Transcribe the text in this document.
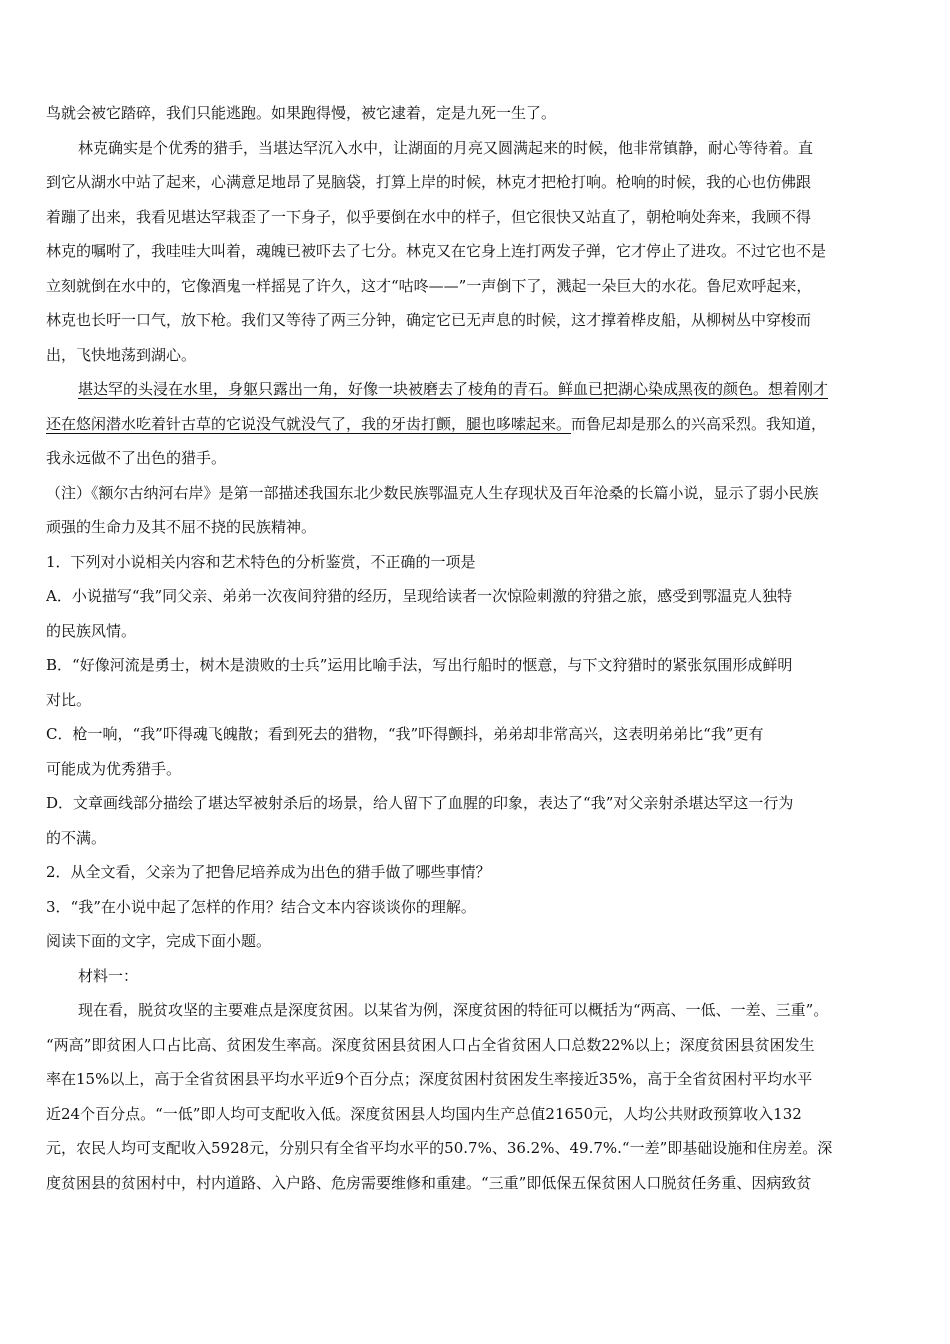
鸟就会被它踏碎，我们只能逃跑。如果跑得慢，被它逮着，定是九死一生了。
林克确实是个优秀的猎手，当堪达罕沉入水中，让湖面的月亮又圆满起来的时候，他非常镇静，耐心等待着。直
到它从湖水中站了起来，心满意足地昂了晃脑袋，打算上岸的时候，林克才把枪打响。枪响的时候，我的心也仿佛跟
着蹦了出来，我看见堪达罕栽歪了一下身子，似乎要倒在水中的样子，但它很快又站直了，朝枪响处奔来，我顾不得
林克的嘱咐了，我哇哇大叫着，魂魄已被吓去了七分。林克又在它身上连打两发子弹，它才停止了进攻。不过它也不是
立刻就倒在水中的，它像酒鬼一样摇晃了许久，这才“咕咚——”一声倒下了，溅起一朵巨大的水花。鲁尼欢呼起来，
林克也长吁一口气，放下枪。我们又等待了两三分钟，确定它已无声息的时候，这才撑着桦皮船，从柳树丛中穿梭而
出，飞快地荡到湖心。
堪达罕的头浸在水里，身躯只露出一角，好像一块被磨去了棱角的青石。鲜血已把湖心染成黑夜的颜色。想着刚才
还在悠闲潜水吃着针古草的它说没气就没气了，我的牙齿打颤，腿也哆嗦起来。而鲁尼却是那么的兴高采烈。我知道，
我永远做不了出色的猎手。
（注）《额尔古纳河右岸》是第一部描述我国东北少数民族鄂温克人生存现状及百年沧桑的长篇小说，显示了弱小民族
顽强的生命力及其不屈不挠的民族精神。
1．下列对小说相关内容和艺术特色的分析鉴赏，不正确的一项是
A．小说描写“我”同父亲、弟弟一次夜间狩猎的经历，呈现给读者一次惊险刺激的狩猎之旅，感受到鄂温克人独特
的民族风情。
B．“好像河流是勇士，树木是溃败的士兵”运用比喻手法，写出行船时的惬意，与下文狩猎时的紧张氛围形成鲜明
对比。
C．枪一响，“我”吓得魂飞魄散；看到死去的猎物，“我”吓得颤抖，弟弟却非常高兴，这表明弟弟比“我”更有
可能成为优秀猎手。
D．文章画线部分描绘了堪达罕被射杀后的场景，给人留下了血腥的印象，表达了“我”对父亲射杀堪达罕这一行为
的不满。
2．从全文看，父亲为了把鲁尼培养成为出色的猎手做了哪些事情？
3．“我”在小说中起了怎样的作用？结合文本内容谈谈你的理解。
阅读下面的文字，完成下面小题。
材料一：
现在看，脱贫攻坚的主要难点是深度贫困。以某省为例，深度贫困的特征可以概括为“两高、一低、一差、三重”。
“两高”即贫困人口占比高、贫困发生率高。深度贫困县贫困人口占全省贫困人口总数22%以上；深度贫困县贫困发生
率在15%以上，高于全省贫困县平均水平近9个百分点；深度贫困村贫困发生率接近35%，高于全省贫困村平均水平
近24个百分点。“一低”即人均可支配收入低。深度贫困县人均国内生产总值21650元，人均公共财政预算收入132
元，农民人均可支配收入5928元，分别只有全省平均水平的50.7%、36.2%、49.7%.“一差”即基础设施和住房差。深
度贫困县的贫困村中，村内道路、入户路、危房需要维修和重建。“三重”即低保五保贫困人口脱贫任务重、因病致贫
